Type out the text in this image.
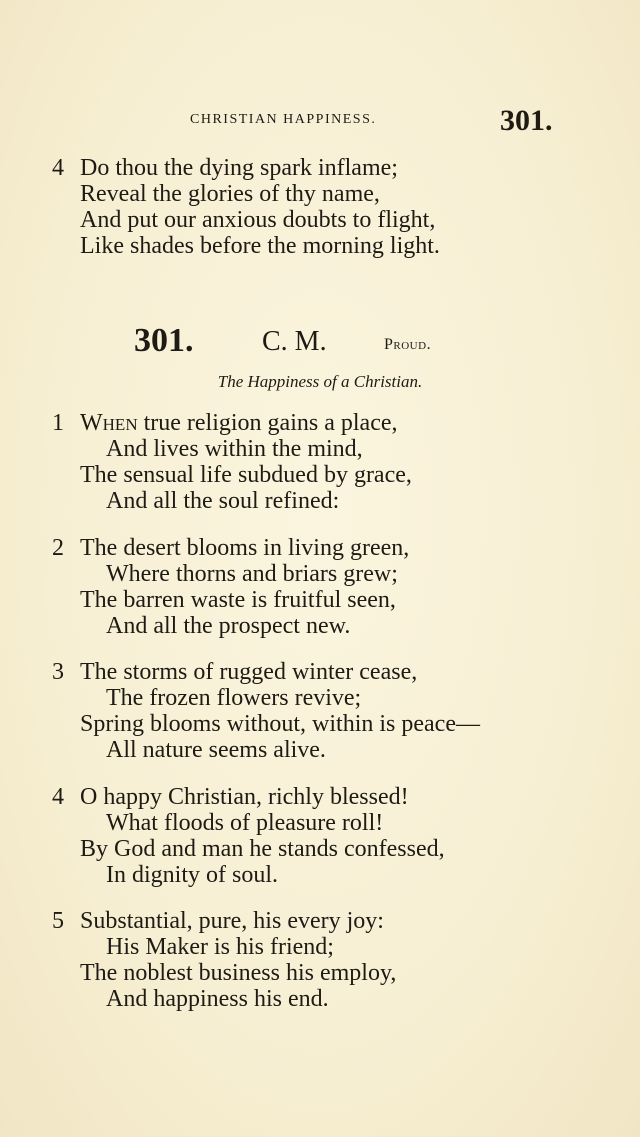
CHRISTIAN HAPPINESS.	301.
4 Do thou the dying spark inflame;
Reveal the glories of thy name,
And put our anxious doubts to flight,
Like shades before the morning light.
301. C. M.	Proud.
The Happiness of a Christian.
1 When true religion gains a place,
And lives within the mind,
The sensual life subdued by grace,
And all the soul refined:
2 The desert blooms in living green,
Where thorns and briars grew;
The barren waste is fruitful seen,
And all the prospect new.
3 The storms of rugged winter cease,
The frozen flowers revive;
Spring blooms without, within is peace—
All nature seems alive.
4 O happy Christian, richly blessed!
What floods of pleasure roll!
By God and man he stands confessed,
In dignity of soul.
5 Substantial, pure, his every joy:
His Maker is his friend;
The noblest business his employ,
And happiness his end.
